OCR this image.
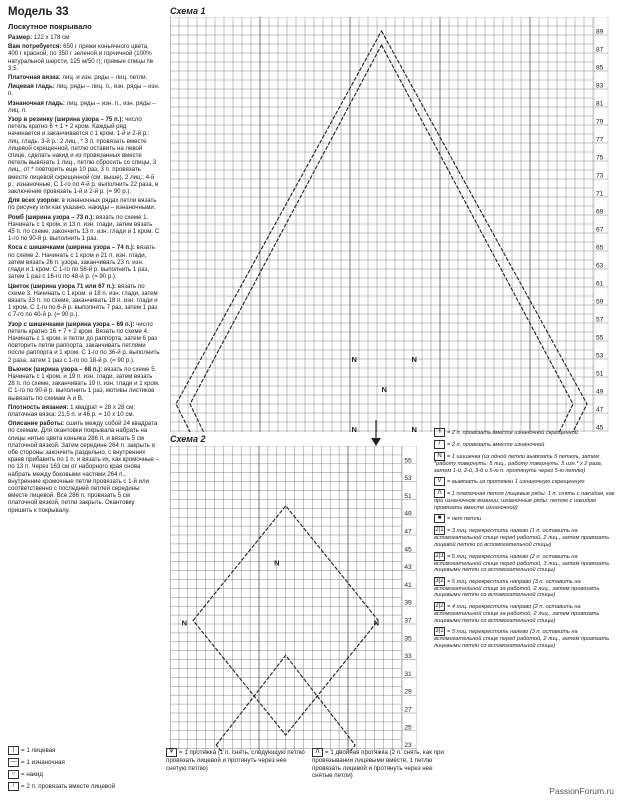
Модель 33
Лоскутное покрывало

Размер: 122 x 178 см

Вам потребуется: 650 г пряжи коньячного цвета, 400 г красной, по 350 г зеленой и горчичной (100% натуральной шерсти, 125 м/50 г); прямые спицы № 3,5.

Платочная вязка: лиц. и изн. ряды – лиц. петли.

Лицевая гладь: лиц. ряды – лиц. п., изн. ряды – изн. п.

Изнаночная гладь: лиц. ряды – изн. п., изн. ряды – лиц. п.

Узор в резинку (ширина узора – 75 п.): число петель кратно 6 + 1 + 2 кром. Каждый ряд начинается и заканчивается с 1 кром. 1-й и 2-й р.: лиц. гладь. 3-й р.: 2 лиц., * 3 п. провязать вместе лицевой скрещенной, петлю оставить на левой спице, сделать накид и из провязанных вместе петель вывязать 1 лиц., петлю сбросить со спицы, 3 лиц., от * повторить еще 10 раз, 3 п. провязать вместе лицевой скрещенной (см. выше), 2 лиц.; 4-й р.: изнаночные; С 1-го по 4-й р. выполнить 22 раза, в заключение провязать 1-й и 2-й р. (= 90 р.).

Для всех узоров: в изнаночных рядах петли вязать по рисунку или как указано, накиды – изнаночными.

Ромб (ширина узора – 73 п.): вязать по схеме 1. Начинать с 1 кром. и 13 п. изн. глади, затем вязать 45 п. по схеме, закончить 13 п. изн. глади и 1 кром. С 1-го по 90-й р. выполнить 1 раз.

Коса с шишечками (ширина узора – 74 п.): вязать по схеме 2. Начинать с 1 кром и 21 п. изн. глади, затем вязать 26 п. узора, заканчивать 23 п. изн. глади и 1 кром. С 1-го по 56-й р. выполнить 1 раз, затем 1 раз с 16-го по 48-й р. (= 90 р.).

Цветок (ширина узора 71 или 67 п.): вязать по схеме 3. Начинать с 1 кром. и 18 п. изн. глади, затем вязать 33 п. по схеме, заканчивать 18 п. изн. глади и 1 кром. С 1-го по 6-й р. выполнить 7 раз, затем 1 раз с 7-го по 40-й р. (= 90 р.).

Узор с шишечками (ширина узора – 69 п.): число петель кратно 16 + 7 + 2 кром. Вязать по схеме 4. Начинать с 1 кром. и петли до раппорта, затем 6 раз повторить петли раппорта, заканчивать петлями после раппорта и 1 кром. С 1-го по 36-й р. выполнить 2 раза, затем 1 раз с 1-го по 18-й р. (= 90 р.).

Вьюнок (ширина узора – 68 п.): вязать по схеме 5. Начинать с 1 кром. и 19 п. изн. глади, затем вязать 28 п. по схеме, заканчивать 19 п. изн. глади и 1 кром. С 1-го по 90-й р. выполнить 1 раз, мотивы листиков вывязать по схемам А и В.

Плотность вязания: 1 квадрат = 28 x 28 см; платочная вязка: 21,5 п. и 46 р. = 10 x 10 см.

Описание работы: сшить между собой 24 квадрата по схемам. Для окантовки покрывала набрать на спицы нитью цвета коньяка 286 п. и вязать 5 см платочной вязкой. Затем середине 264 п. закрыть и обе стороны закончить раздельно, с внутренних краев прибавить по 1 п. и вязать их, как кромочные – по 13 п. Через 163 см от наборного края снова набрать между боковыми частями 264 п., внутренние кромочные петли провязать с 1-й или соответственно с последней петлей середины вместе лицевой. Все 286 п. провязать 5 см платочной вязкой, петли закрыть. Окантовку пришить к покрывалу.

Схема 1
N
N
N
N	N
89
87
85
83
81
79
77
75
73
71
69
67
65
63
61
59
57
55
53
51
49
47
45
Схема 2
N	N
N
55
53
51
49
47
45
43
41
39
37
35
33
31
29
27
25
23
\ = 2 п. провязать вместе изнаночной скрещенной
/ = 2 п. провязать вместе изнаночной
N = 1 шишечка (из одной петли вывязать 5 петель, затем *работу повернуть: 5 лиц., работу повернуть: 5 изн.* х 2 раза, затем 1-й, 2-й, 3-й и 5-ю п. протянуть через 5-ю петлю)
V = вывязать из протяжки 1 изнаночную скрещенную
ᐱ = 1 платочная петля (лицевые ряды: 1 п. снять с накидом, как при изнаночном вязании; изнаночные ряды: петлю с накидом провязать вместе изнаночной)
■ = нет петли
2|1 = 3 лиц. перекрестить налево (1 п. оставить на вспомогательной спице перед работой, 2 лиц., затем провязать лицевой петлю со вспомогательной спицы)
2|3 = 5 лиц. перекрестить налево (2 п. оставить на вспомогательной спице перед работой, 3 лиц., затем провязать лицевыми петли со вспомогательной спицы)
3|2 = 5 лиц. перекрестить направо (3 п. оставить на вспомогательной спице за работой, 2 лиц., затем провязать лицевыми петли со вспомогательной спицы)
2|2 = 4 лиц. перекрестить направо (2 п. оставить на вспомогательной спице за работой, 2 лиц., затем провязать лицевыми петли со вспомогательной спицы)
3|1 = 5 лиц. перекрестить налево (3 п. оставить на вспомогательной спице перед работой, 2 лиц., затем провязать лицевыми петли со вспомогательной спицы)
| = 1 лицевая
— = 1 изнаночная
○ = накид
/ = 2 п. провязать вместе лицевой
ᗐ = 1 протяжка (1 п. снять, следующую петлю провязать лицевой и протянуть через нее снятую петлю)
ᐱ = 1 двойная протяжка (2 п. снять, как при провязывании лицевыми вместе, 1 петлю провязать лицевой и протянуть через нее снятые петли)
PassionForum.ru
